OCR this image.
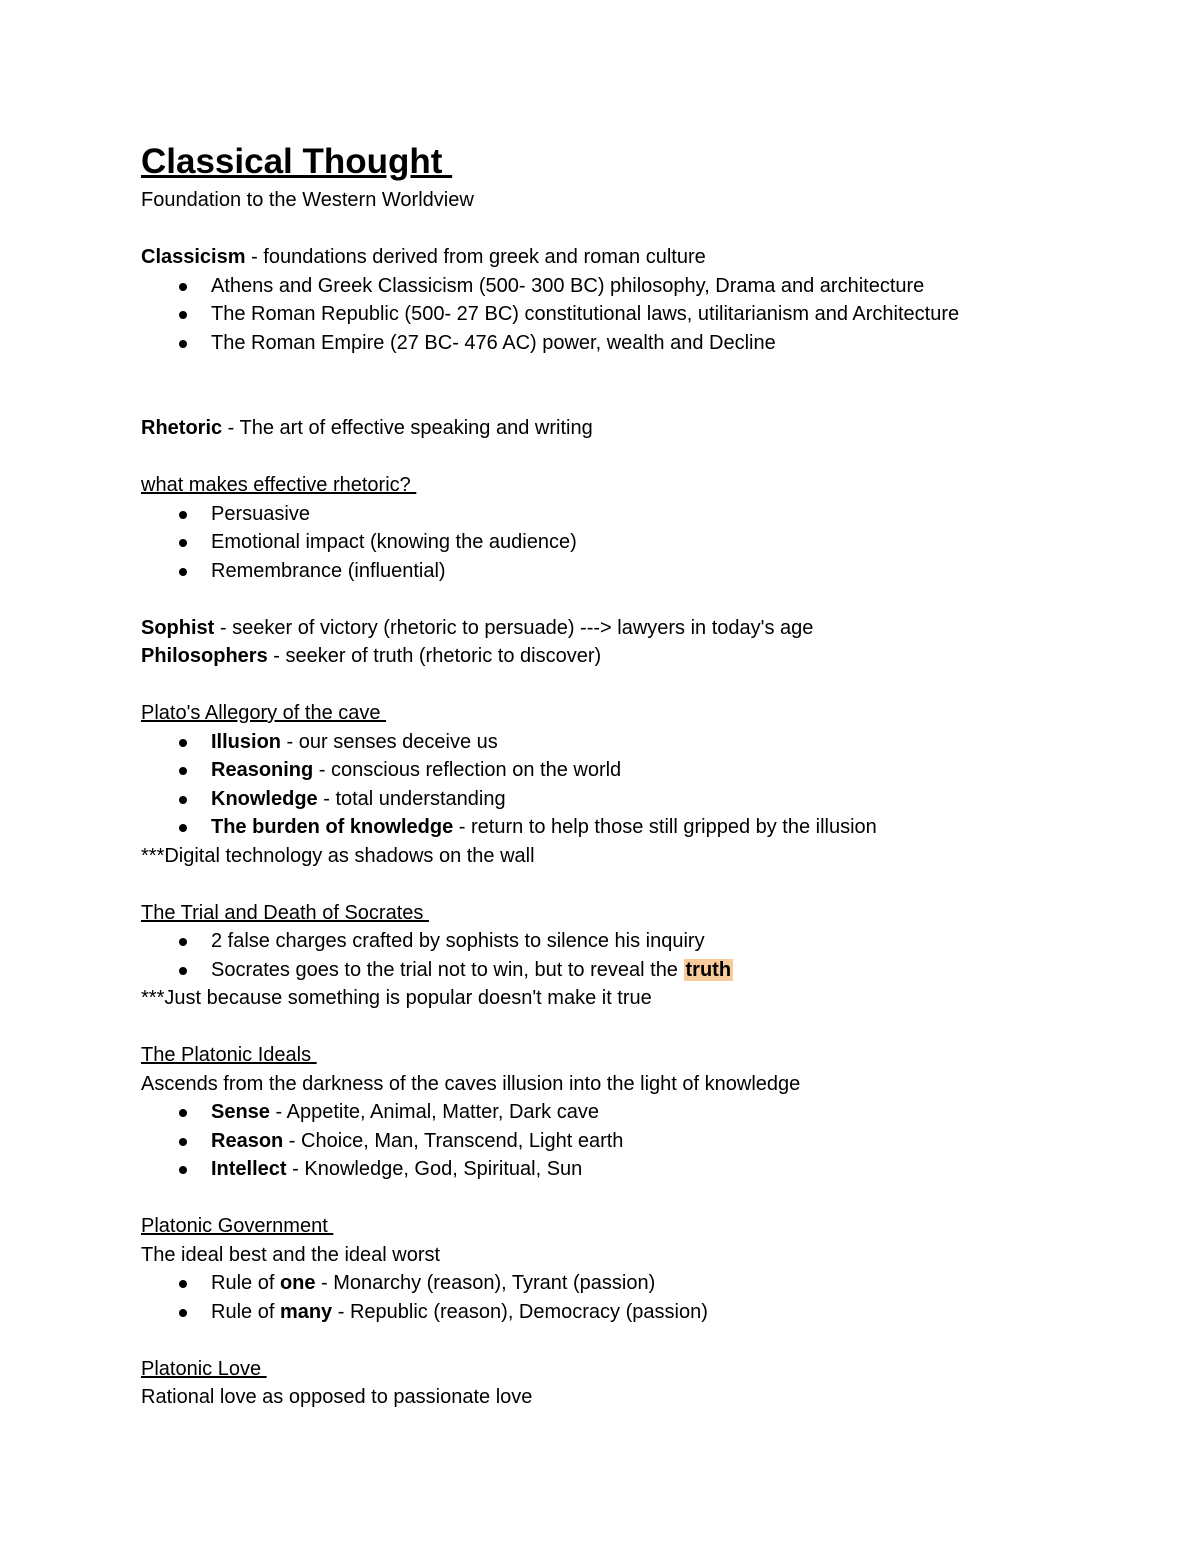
Classical Thought
Foundation to the Western Worldview
Classicism - foundations derived from greek and roman culture
Athens and Greek Classicism (500- 300 BC) philosophy, Drama and architecture
The Roman Republic (500- 27 BC) constitutional laws, utilitarianism and Architecture
The Roman Empire (27 BC- 476 AC) power, wealth and Decline
Rhetoric - The art of effective speaking and writing
what makes effective rhetoric?
Persuasive
Emotional impact (knowing the audience)
Remembrance (influential)
Sophist - seeker of victory (rhetoric to persuade) ---> lawyers in today's age
Philosophers - seeker of truth (rhetoric to discover)
Plato's Allegory of the cave
Illusion - our senses deceive us
Reasoning - conscious reflection on the world
Knowledge - total understanding
The burden of knowledge - return to help those still gripped by the illusion
***Digital technology as shadows on the wall
The Trial and Death of Socrates
2 false charges crafted by sophists to silence his inquiry
Socrates goes to the trial not to win, but to reveal the truth
***Just because something is popular doesn't make it true
The Platonic Ideals
Ascends from the darkness of the caves illusion into the light of knowledge
Sense - Appetite, Animal, Matter, Dark cave
Reason - Choice, Man, Transcend, Light earth
Intellect - Knowledge, God, Spiritual, Sun
Platonic Government
The ideal best and the ideal worst
Rule of one - Monarchy (reason), Tyrant (passion)
Rule of many - Republic (reason), Democracy (passion)
Platonic Love
Rational love as opposed to passionate love
